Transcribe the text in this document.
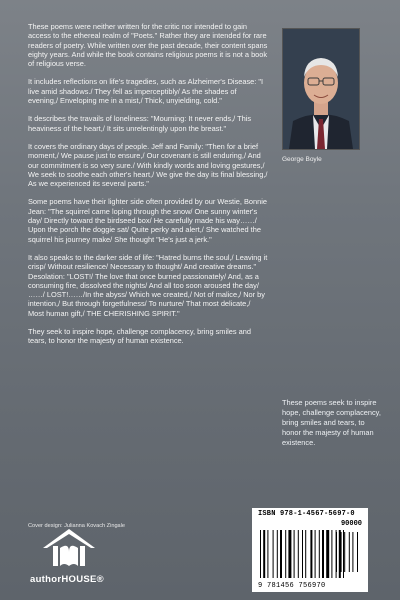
These poems were neither written for the critic nor intended to gain access to the ethereal realm of "Poets." Rather they are intended for rare readers of poetry. While written over the past decade, their content spans eighty years. And while the book contains religious poems it is not a book of religious verse.

It includes reflections on life's tragedies, such as Alzheimer's Disease: "I live amid shadows./ They fell as imperceptibly/ As the shades of evening,/ Enveloping me in a mist,/ Thick, unyielding, cold."

It describes the travails of loneliness: "Mourning: It never ends,/ This heaviness of the heart,/ It sits unrelentingly upon the breast."

It covers the ordinary days of people. Jeff and Family: "Then for a brief moment,/ We pause just to ensure,/ Our covenant is still enduring,/ And our commitment is so very sure./ With kindly words and loving gestures,/ We seek to soothe each other's heart,/ We give the day its final blessing,/ As we experienced its several parts."

Some poems have their lighter side often provided by our Westie, Bonnie Jean: "The squirrel came loping through the snow/ One sunny winter's day/ Directly toward the birdseed box/ He carefully made his way……/ Upon the porch the doggie sat/ Quite perky and alert,/ She watched the squirrel his journey make/ She thought "He's just a jerk."

It also speaks to the darker side of life: "Hatred burns the soul,/ Leaving it crisp/ Without resilience/ Necessary to thought/ And creative dreams." Desolation: "LOST!/ The love that once burned passionately/ And, as a consuming fire, dissolved the nights/ And all too soon aroused the day/ ……/ LOST!……/In the abyss/ Which we created,/ Not of malice,/ Nor by intention,/ But through forgetfulness/ To nurture/ That most delicate,/ Most human gift,/ THE CHERISHING SPIRIT."

They seek to inspire hope, challenge complacency, bring smiles and tears, to honor the majesty of human existence.

George Boyle
These poems seek to inspire hope, challenge complacency, bring smiles and tears, to honor the majesty of human existence.
Cover design: Julianna Kovach Zingale
authorHOUSE®
ISBN 978-1-4567-5697-0
90000
9 781456 756970
